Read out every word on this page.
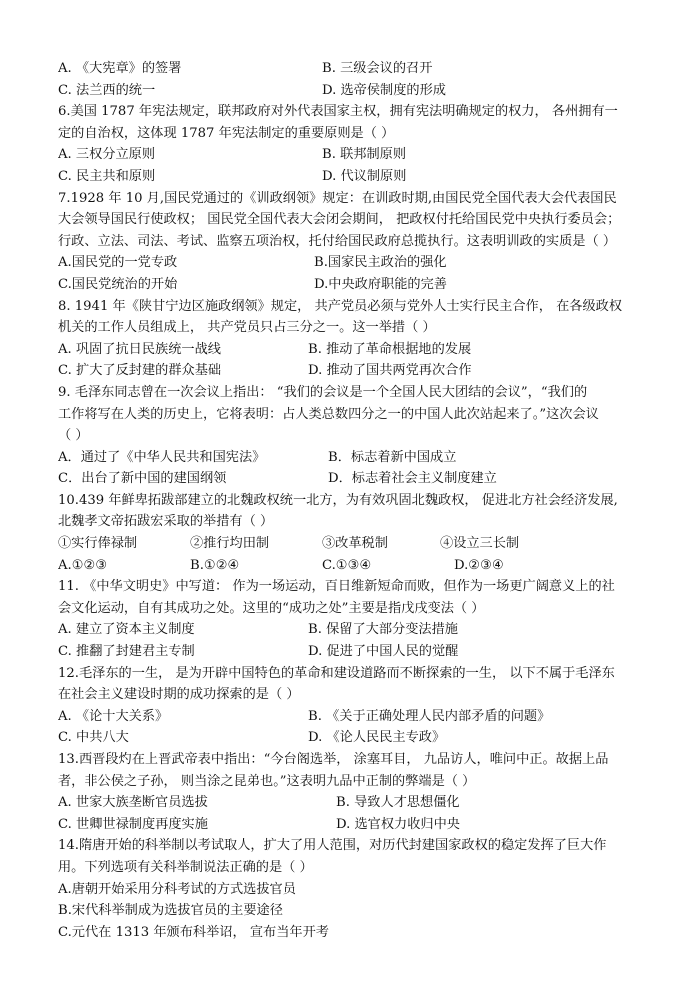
A. 《大宪章》的签署	B. 三级会议的召开
C. 法兰西的统一	D. 选帝侯制度的形成
6.美国 1787 年宪法规定，联邦政府对外代表国家主权，拥有宪法明确规定的权力， 各州拥有一
定的自治权，这体现 1787 年宪法制定的重要原则是（ ）
A. 三权分立原则	B. 联邦制原则
C. 民主共和原则	D. 代议制原则
7.1928 年 10 月,国民党通过的《训政纲领》规定：在训政时期,由国民党全国代表大会代表国民
大会领导国民行使政权； 国民党全国代表大会闭会期间， 把政权付托给国民党中央执行委员会；
行政、立法、司法、考试、监察五项治权，托付给国民政府总揽执行。这表明训政的实质是（ ）
A.国民党的一党专政	B.国家民主政治的强化
C.国民党统治的开始	D.中央政府职能的完善
8. 1941 年《陕甘宁边区施政纲领》规定， 共产党员必须与党外人士实行民主合作， 在各级政权
机关的工作人员组成上， 共产党员只占三分之一。这一举措（ ）
A. 巩固了抗日民族统一战线	B. 推动了革命根据地的发展
C. 扩大了反封建的群众基础	D. 推动了国共两党再次合作
9. 毛泽东同志曾在一次会议上指出： “我们的会议是一个全国人民大团结的会议”，“我们的
工作将写在人类的历史上，它将表明：占人类总数四分之一的中国人此次站起来了。”这次会议
（ ）
A．通过了《中华人民共和国宪法》	B．标志着新中国成立
C．出台了新中国的建国纲领	D．标志着社会主义制度建立
10.439 年鲜卑拓跋部建立的北魏政权统一北方，为有效巩固北魏政权， 促进北方社会经济发展,
北魏孝文帝拓跋宏采取的举措有（ ）
①实行俸禄制	②推行均田制	③改革税制	④设立三长制
A.①②③	B.①②④	C.①③④	D.②③④
11. 《中华文明史》中写道： 作为一场运动，百日维新短命而败，但作为一场更广阔意义上的社
会文化运动，自有其成功之处。这里的“成功之处”主要是指戊戌变法（ ）
A. 建立了资本主义制度	B. 保留了大部分变法措施
C. 推翻了封建君主专制	D. 促进了中国人民的觉醒
12.毛泽东的一生， 是为开辟中国特色的革命和建设道路而不断探索的一生， 以下不属于毛泽东
在社会主义建设时期的成功探索的是（ ）
A. 《论十大关系》	B. 《关于正确处理人民内部矛盾的问题》
C. 中共八大	D. 《论人民民主专政》
13.西晋段灼在上晋武帝表中指出：“今台阁选举， 涂塞耳目， 九品访人，唯问中正。故据上品
者，非公侯之子孙， 则当涂之昆弟也。”这表明九品中正制的弊端是（ ）
A. 世家大族垄断官员选拔	B. 导致人才思想僵化
C. 世卿世禄制度再度实施	D. 选官权力收归中央
14.隋唐开始的科举制以考试取人，扩大了用人范围，对历代封建国家政权的稳定发挥了巨大作
用。下列选项有关科举制说法正确的是（ ）
A.唐朝开始采用分科考试的方式选拔官员
B.宋代科举制成为选拔官员的主要途径
C.元代在 1313 年颁布科举诏， 宣布当年开考
